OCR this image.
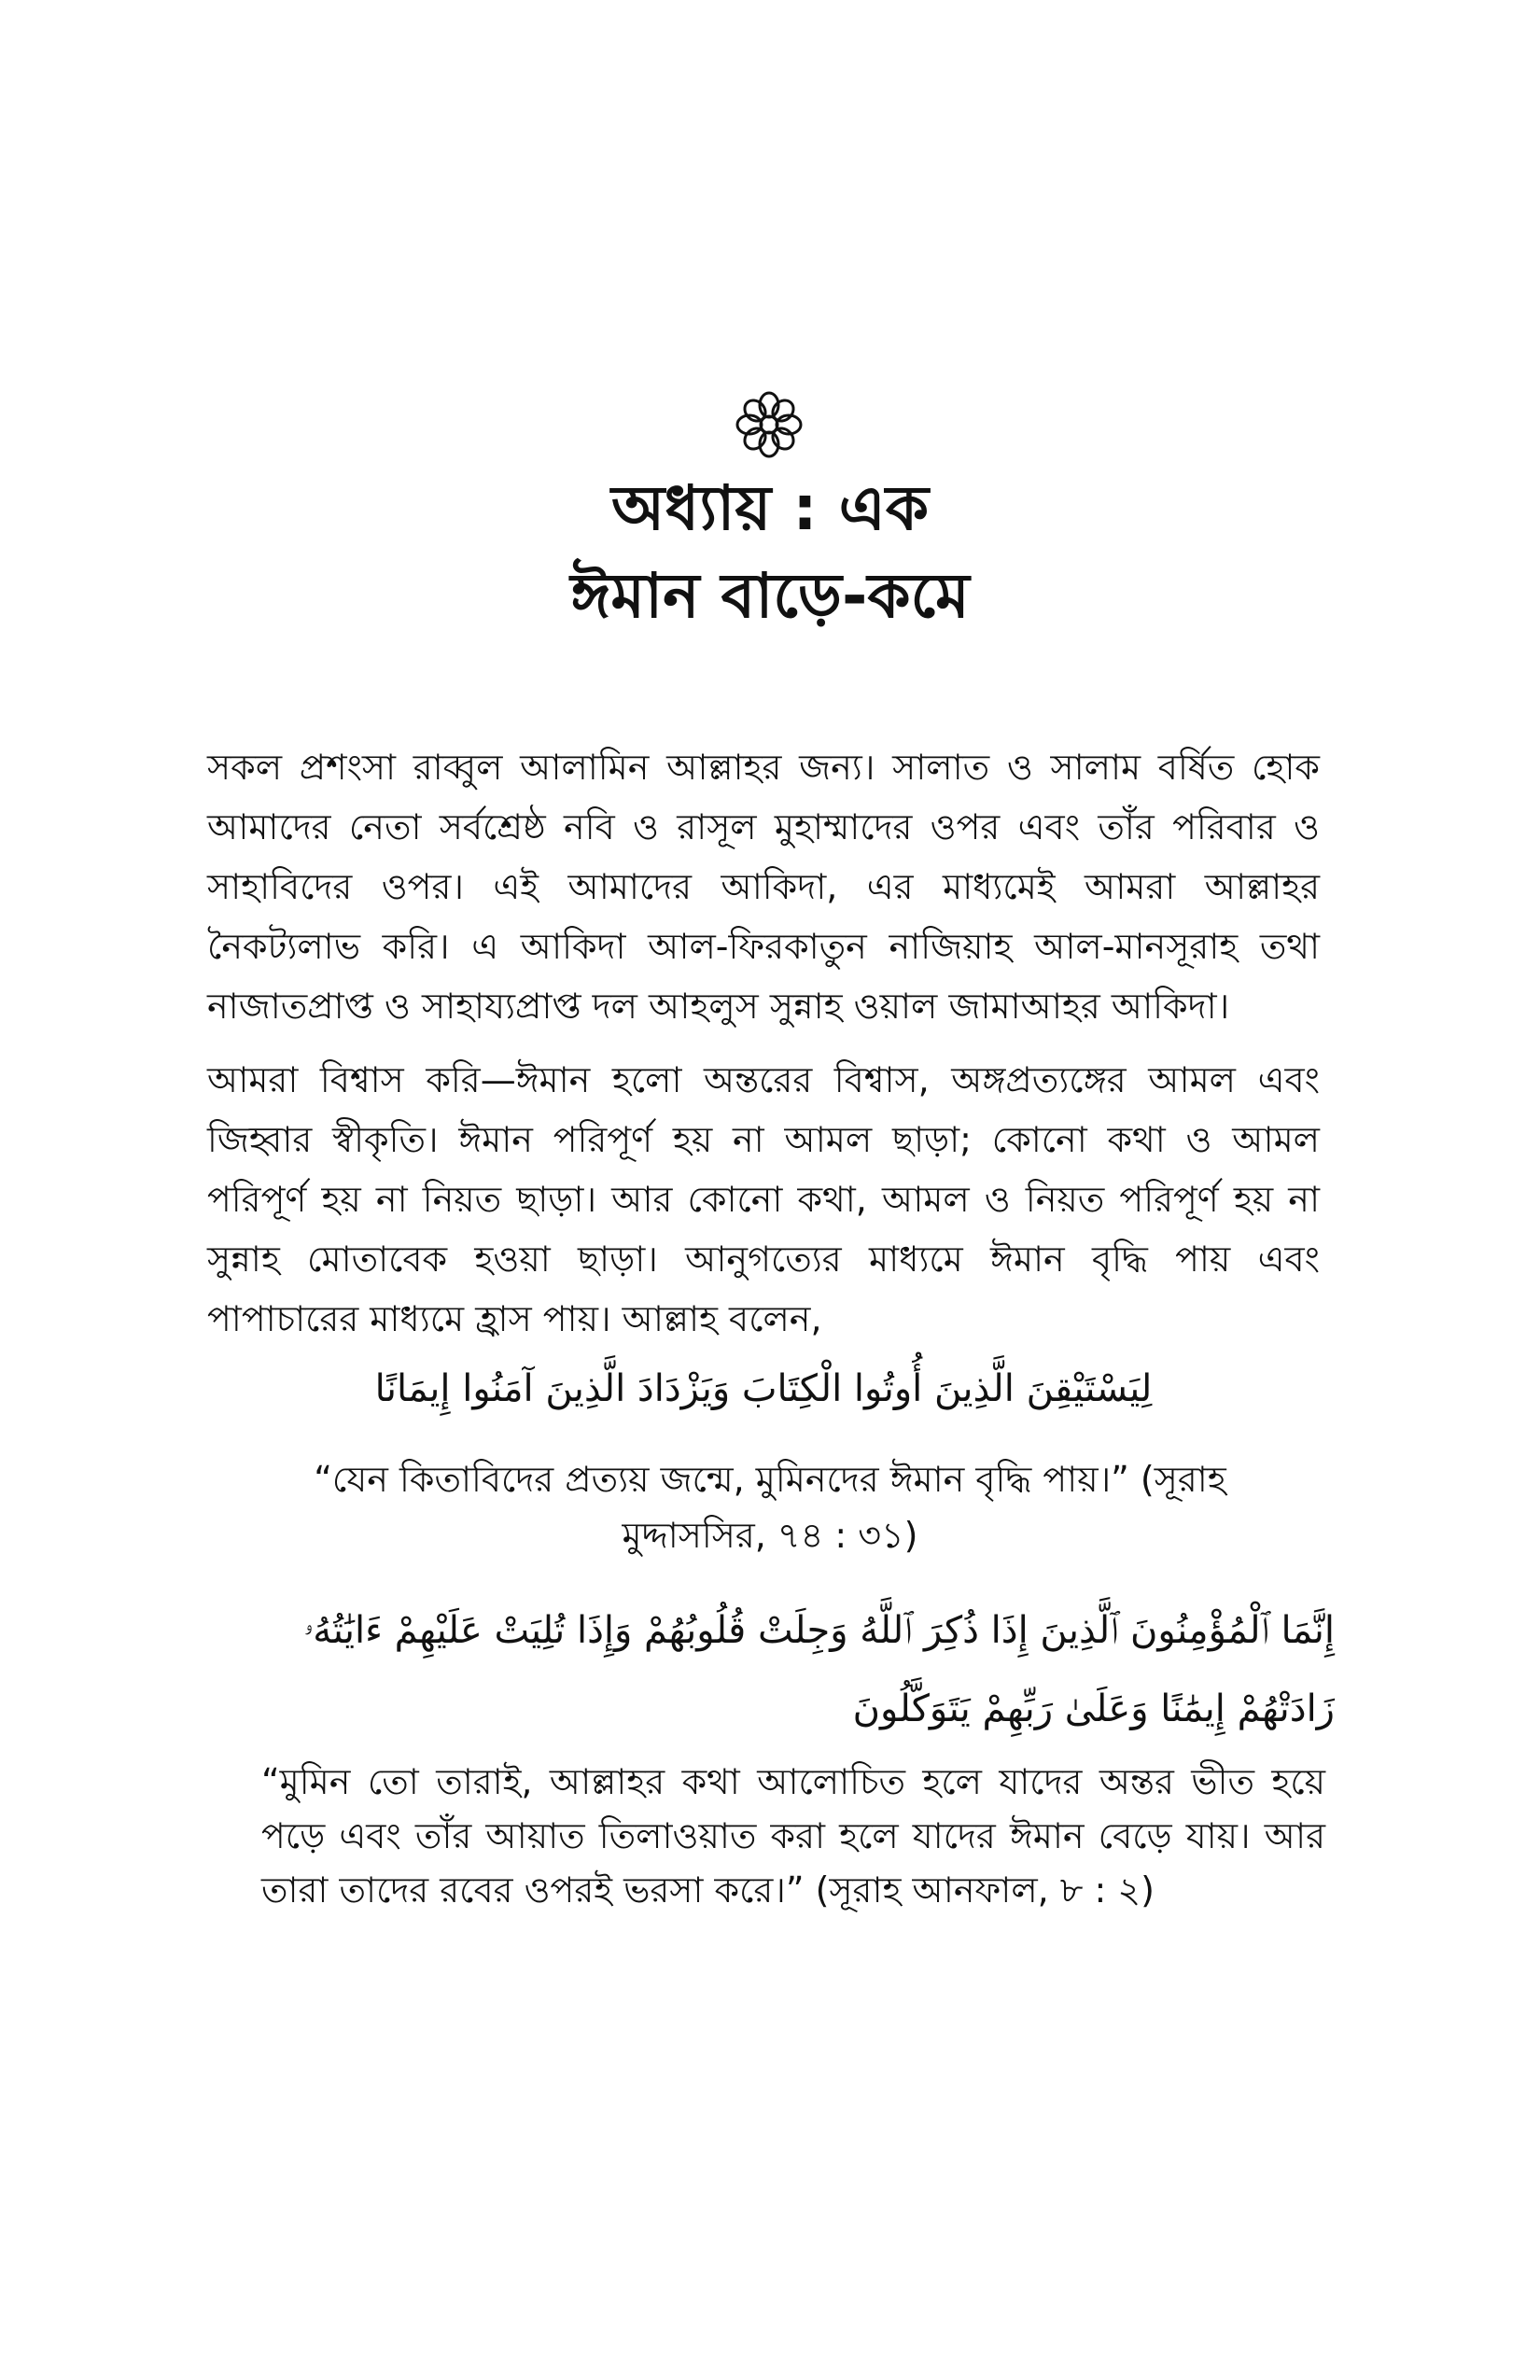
অধ্যায় : এক
ঈমান বাড়ে-কমে

সকল প্রশংসা রাব্বুল আলামিন আল্লাহর জন্য। সালাত ও সালাম বর্ষিত হোক আমাদের নেতা সর্বশ্রেষ্ঠ নবি ও রাসূল মুহাম্মাদের ওপর এবং তাঁর পরিবার ও সাহাবিদের ওপর। এই আমাদের আকিদা, এর মাধ্যমেই আমরা আল্লাহর নৈকট্যলাভ করি। এ আকিদা আল-ফিরকাতুন নাজিয়াহ আল-মানসূরাহ তথা নাজাতপ্রাপ্ত ও সাহায্যপ্রাপ্ত দল আহলুস সুন্নাহ ওয়াল জামাআহর আকিদা।

আমরা বিশ্বাস করি—ঈমান হলো অন্তরের বিশ্বাস, অঙ্গপ্রত্যঙ্গের আমল এবং জিহ্বার স্বীকৃতি। ঈমান পরিপূর্ণ হয় না আমল ছাড়া; কোনো কথা ও আমল পরিপূর্ণ হয় না নিয়ত ছাড়া। আর কোনো কথা, আমল ও নিয়ত পরিপূর্ণ হয় না সুন্নাহ মোতাবেক হওয়া ছাড়া। আনুগত্যের মাধ্যমে ঈমান বৃদ্ধি পায় এবং পাপাচারের মাধ্যমে হ্রাস পায়। আল্লাহ বলেন,

لِيَسْتَيْقِنَ الَّذِينَ أُوتُوا الْكِتَابَ وَيَزْدَادَ الَّذِينَ آمَنُوا إِيمَانًا

“যেন কিতাবিদের প্রত্যয় জন্মে, মুমিনদের ঈমান বৃদ্ধি পায়।” (সূরাহ মুদ্দাসসির, ৭৪ : ৩১)

إِنَّمَا ٱلْمُؤْمِنُونَ ٱلَّذِينَ إِذَا ذُكِرَ ٱللَّهُ وَجِلَتْ قُلُوبُهُمْ وَإِذَا تُلِيَتْ عَلَيْهِمْ ءَايَٰتُهُۥ زَادَتْهُمْ إِيمَٰنًا وَعَلَىٰ رَبِّهِمْ يَتَوَكَّلُونَ

“মুমিন তো তারাই, আল্লাহর কথা আলোচিত হলে যাদের অন্তর ভীত হয়ে পড়ে এবং তাঁর আয়াত তিলাওয়াত করা হলে যাদের ঈমান বেড়ে যায়। আর তারা তাদের রবের ওপরই ভরসা করে।” (সূরাহ আনফাল, ৮ : ২)
